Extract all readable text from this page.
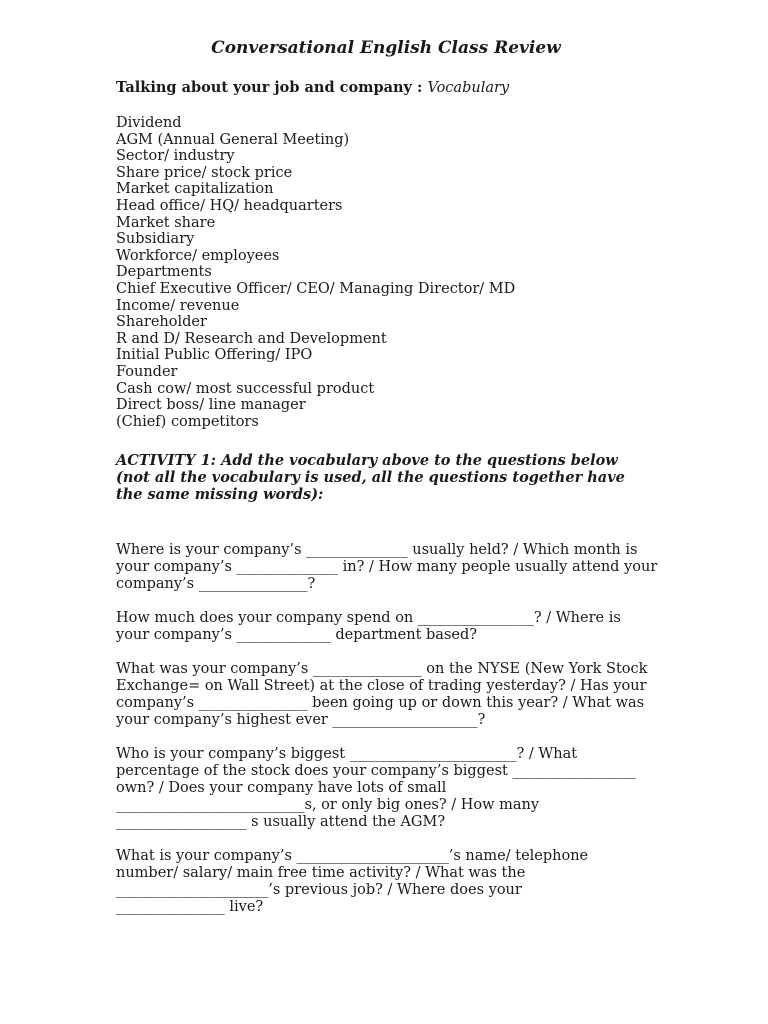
Conversational English Class Review

Talking about your job and company : Vocabulary

Dividend
AGM (Annual General Meeting)
Sector/ industry
Share price/ stock price
Market capitalization
Head office/ HQ/ headquarters
Market share
Subsidiary
Workforce/ employees
Departments
Chief Executive Officer/ CEO/ Managing Director/ MD
Income/ revenue
Shareholder
R and D/ Research and Development
Initial Public Offering/ IPO
Founder
Cash cow/ most successful product
Direct boss/ line manager
(Chief) competitors

ACTIVITY 1: Add the vocabulary above to the questions below (not all the vocabulary is used, all the questions together have the same missing words):

Where is your company’s ______________ usually held? / Which month is
your company’s ______________ in? / How many people usually attend your
company’s _______________?
How much does your company spend on ________________? / Where is
your company’s _____________ department based?
What was your company’s _______________ on the NYSE (New York Stock
Exchange= on Wall Street) at the close of trading yesterday? / Has your
company’s _______________ been going up or down this year? / What was
your company’s highest ever ____________________?
Who is your company’s biggest _______________________? / What
percentage of the stock does your company’s biggest _________________
own? / Does your company have lots of small
__________________________s, or only big ones? / How many
__________________ s usually attend the AGM?
What is your company’s _____________________’s name/ telephone
number/ salary/ main free time activity? / What was the
_____________________’s previous job? / Where does your
_______________ live?
